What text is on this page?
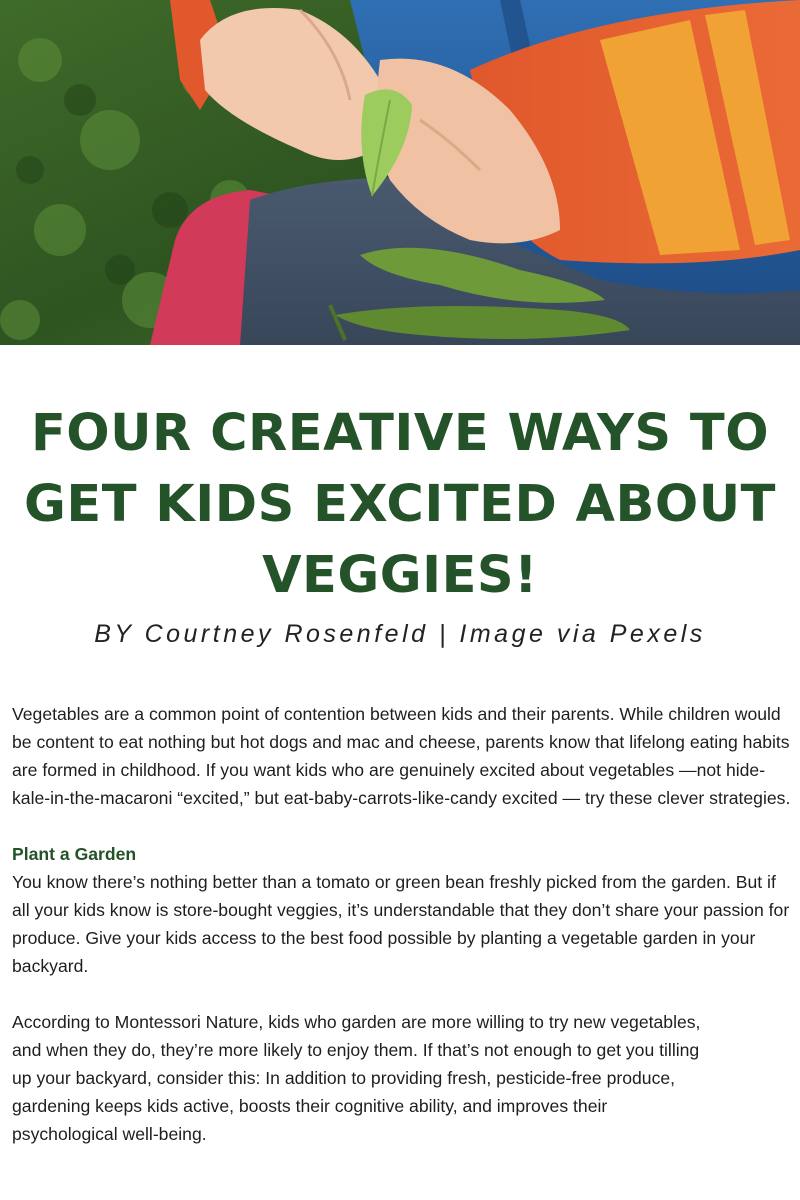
FOUR CREATIVE WAYS TO GET KIDS EXCITED ABOUT VEGGIES!
BY Courtney Rosenfeld | Image via Pexels

Vegetables are a common point of contention between kids and their parents. While children would be content to eat nothing but hot dogs and mac and cheese, parents know that lifelong eating habits are formed in childhood. If you want kids who are genuinely excited about vegetables —not hide-kale-in-the-macaroni “excited,” but eat-baby-carrots-like-candy excited — try these clever strategies.

Plant a Garden

You know there’s nothing better than a tomato or green bean freshly picked from the garden. But if all your kids know is store-bought veggies, it’s understandable that they don’t share your passion for produce. Give your kids access to the best food possible by planting a vegetable garden in your backyard.

According to Montessori Nature, kids who garden are more willing to try new vegetables, and when they do, they’re more likely to enjoy them. If that’s not enough to get you tilling up your backyard, consider this: In addition to providing fresh, pesticide-free produce, gardening keeps kids active, boosts their cognitive ability, and improves their psychological well-being.
